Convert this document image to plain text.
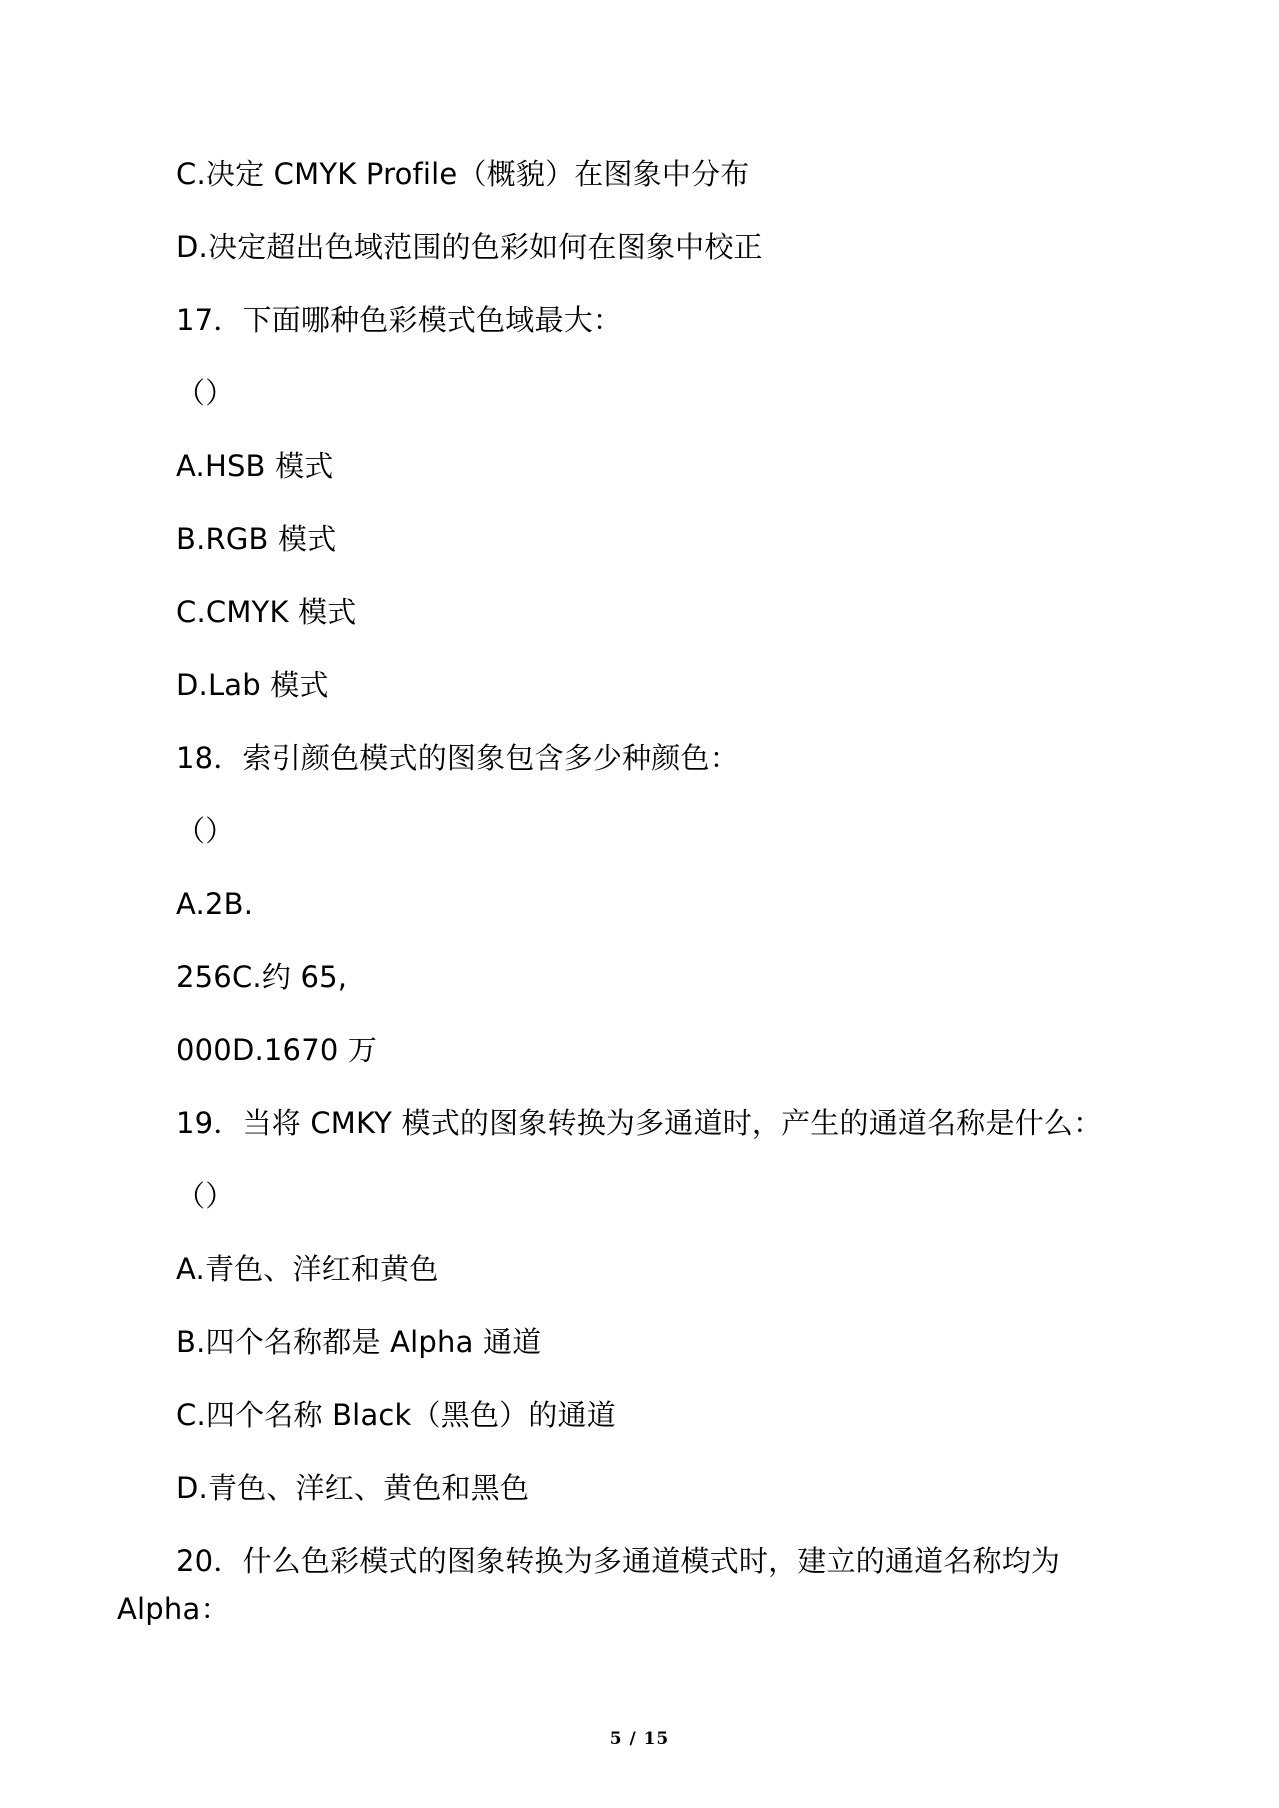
C.决定 CMYK Profile（概貌）在图象中分布
D.决定超出色域范围的色彩如何在图象中校正
17．下面哪种色彩模式色域最大：
（）
A.HSB 模式
B.RGB 模式
C.CMYK 模式
D.Lab 模式
18．索引颜色模式的图象包含多少种颜色：
（）
A.2B.
256C.约 65,
000D.1670 万
19．当将 CMKY 模式的图象转换为多通道时，产生的通道名称是什么：
（）
A.青色、洋红和黄色
B.四个名称都是 Alpha 通道
C.四个名称 Black（黑色）的通道
D.青色、洋红、黄色和黑色
20．什么色彩模式的图象转换为多通道模式时，建立的通道名称均为
Alpha：
5 / 15
